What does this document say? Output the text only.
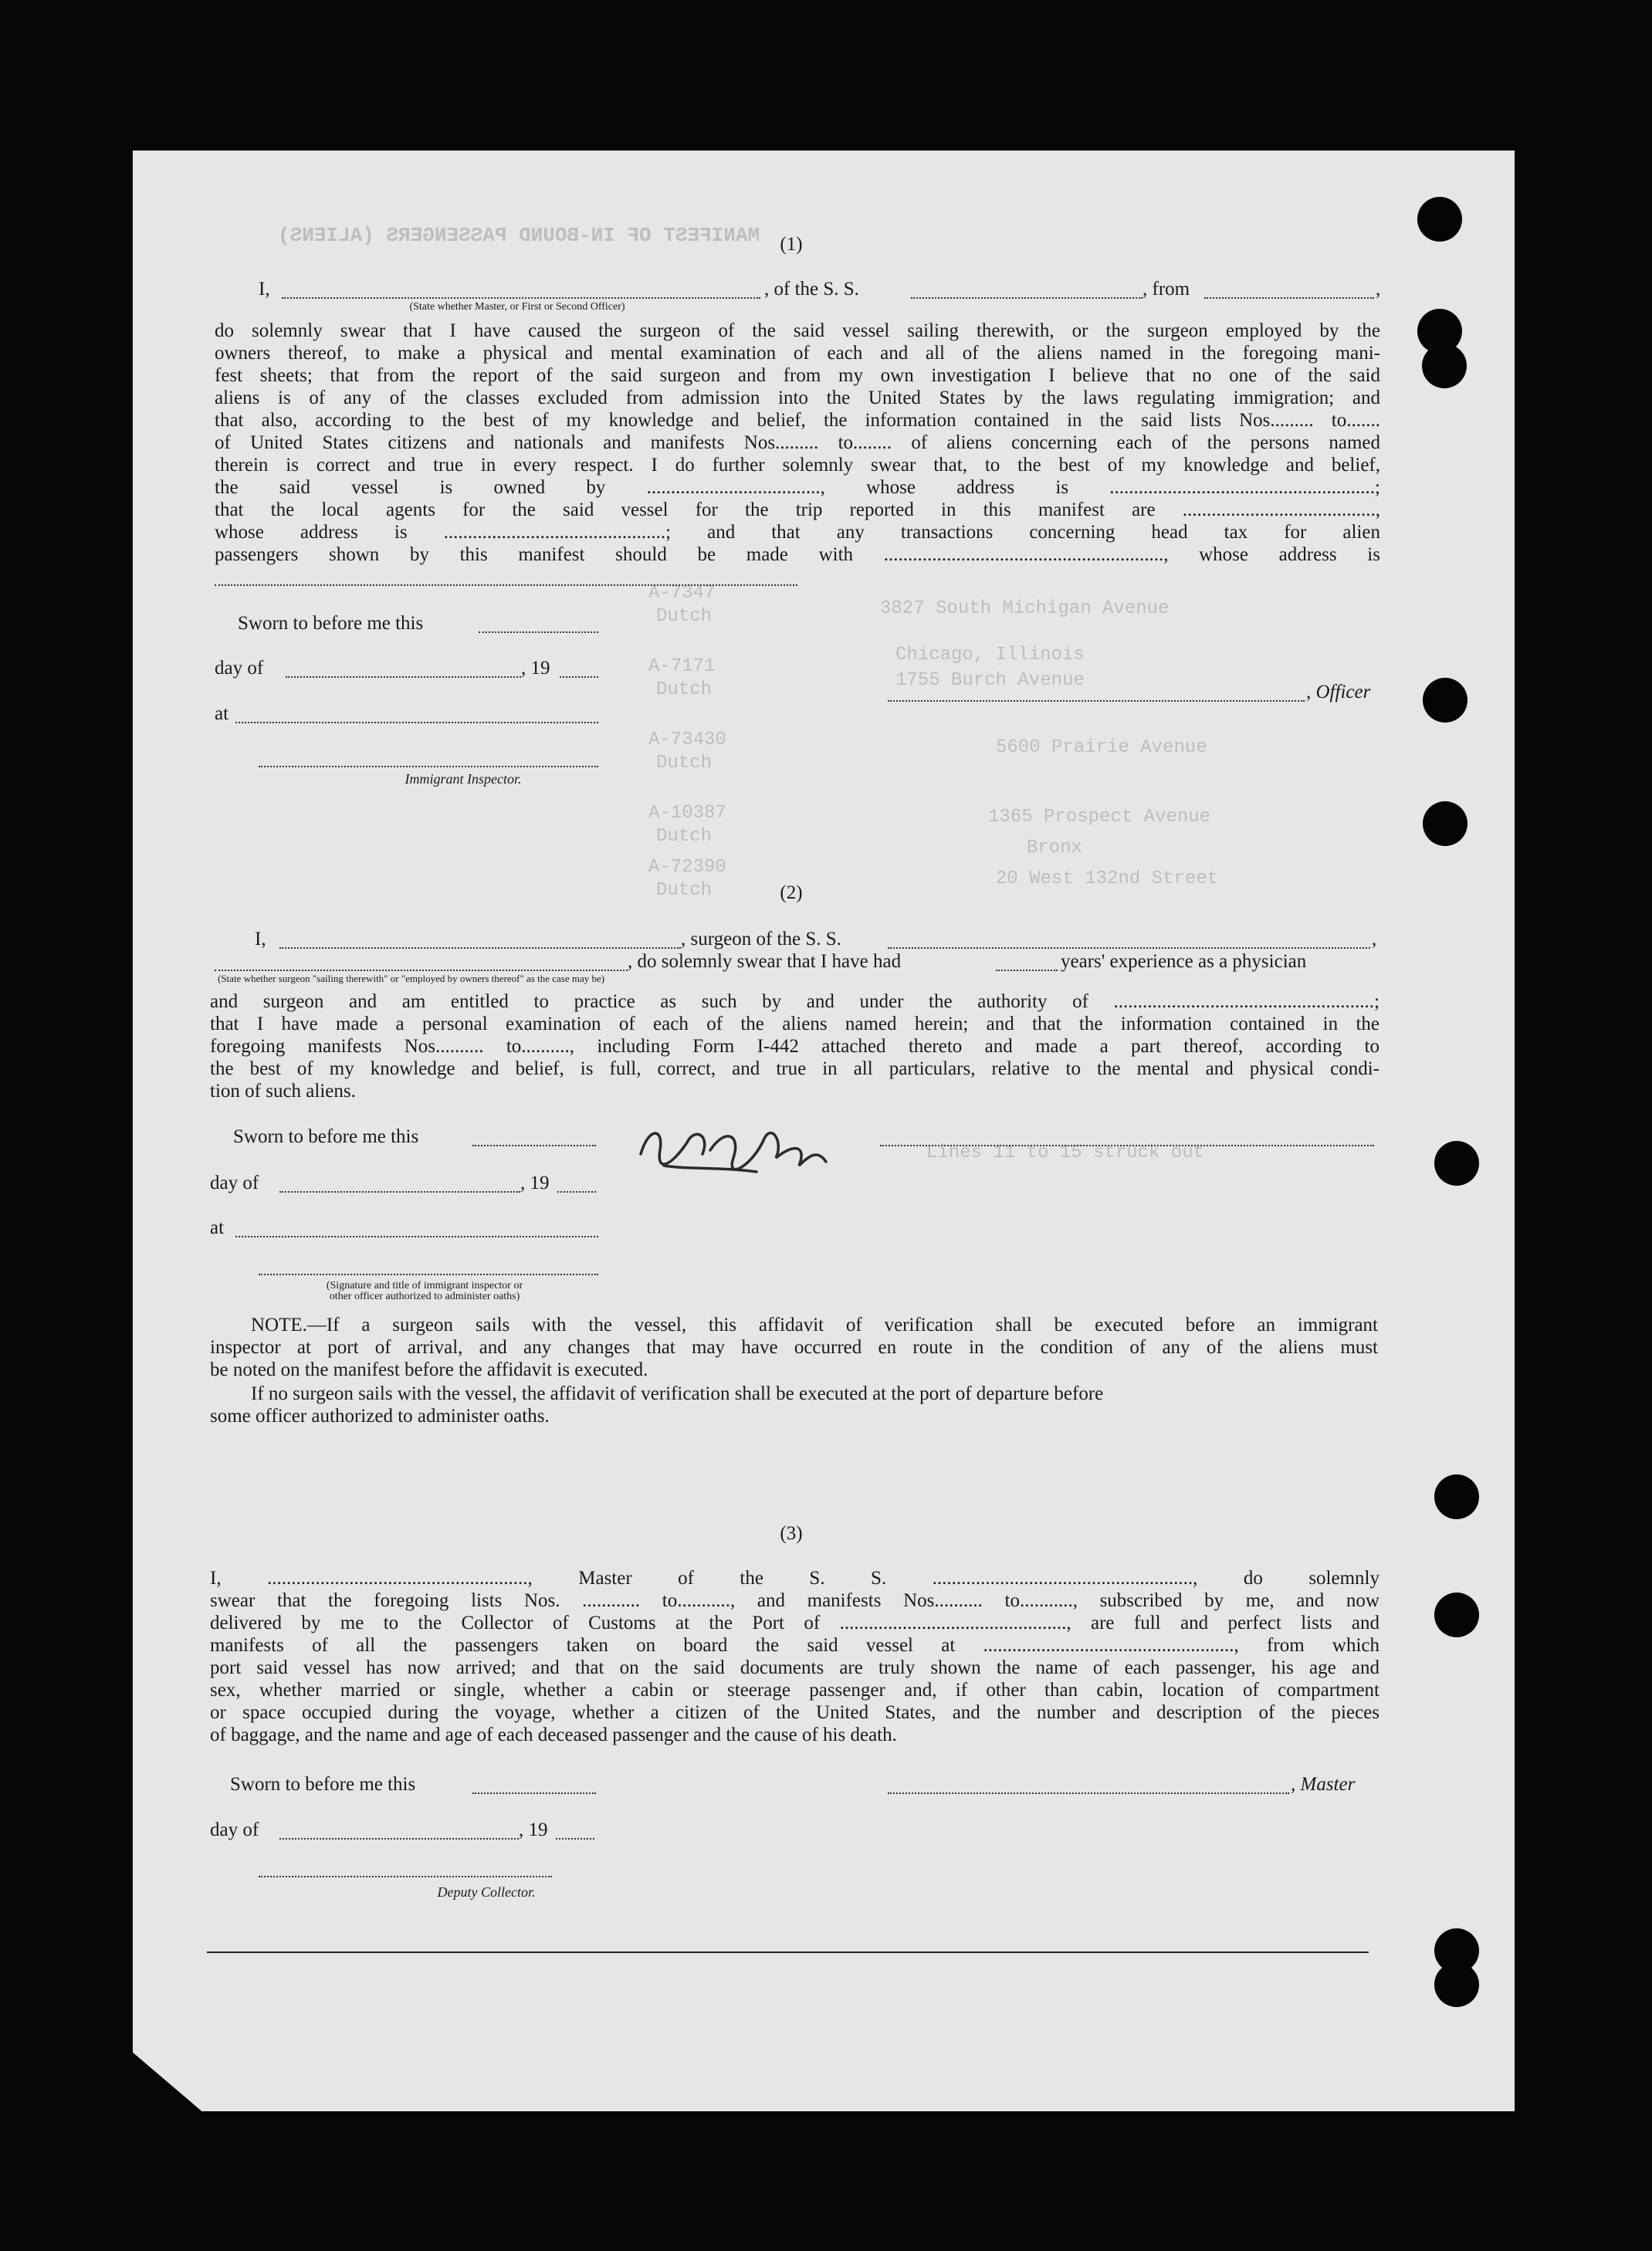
MANIFEST OF IN-BOUND PASSENGERS (ALIENS)
A-7347
Dutch
A-7171
Dutch
A-73430
Dutch
A-10387
Dutch
A-72390
Dutch
3827 South Michigan Avenue
Chicago, Illinois
1755 Burch Avenue
5600 Prairie Avenue
1365 Prospect Avenue
Bronx
20 West 132nd Street
Lines 11 to 15 struck out
(1)
I,	, of the S. S.	, from	,
(State whether Master, or First or Second Officer)
do solemnly swear that I have caused the surgeon of the said vessel sailing therewith, or the surgeon employed by the
owners thereof, to make a physical and mental examination of each and all of the aliens named in the foregoing mani-
fest sheets; that from the report of the said surgeon and from my own investigation I believe that no one of the said
aliens is of any of the classes excluded from admission into the United States by the laws regulating immigration; and
that also, according to the best of my knowledge and belief, the information contained in the said lists Nos......... to.......
of United States citizens and nationals and manifests Nos......... to........ of aliens concerning each of the persons named
therein is correct and true in every respect. I do further solemnly swear that, to the best of my knowledge and belief,
the said vessel is owned by ...................................., whose address is .......................................................;
that the local agents for the said vessel for the trip reported in this manifest are ........................................,
whose address is ..............................................; and that any transactions concerning head tax for alien
passengers shown by this manifest should be made with .........................................................., whose address is
Sworn to before me this
day of	, 19
at
, Officer
Immigrant Inspector.
(2)
I,	, surgeon of the S. S.	,
, do solemnly swear that I have had	years' experience as a physician
(State whether surgeon "sailing therewith" or "employed by owners thereof" as the case may be)
and surgeon and am entitled to practice as such by and under the authority of ......................................................;
that I have made a personal examination of each of the aliens named herein; and that the information contained in the
foregoing manifests Nos.......... to.........., including Form I-442 attached thereto and made a part thereof, according to
the best of my knowledge and belief, is full, correct, and true in all particulars, relative to the mental and physical condi-
tion of such aliens.
Sworn to before me this
day of	, 19
at
(Signature and title of immigrant inspector or
other officer authorized to administer oaths)
NOTE.—If a surgeon sails with the vessel, this affidavit of verification shall be executed before an immigrant
inspector at port of arrival, and any changes that may have occurred en route in the condition of any of the aliens must
be noted on the manifest before the affidavit is executed.
If no surgeon sails with the vessel, the affidavit of verification shall be executed at the port of departure before
some officer authorized to administer oaths.
(3)
I, ......................................................, Master of the S. S. ......................................................, do solemnly
swear that the foregoing lists Nos. ............ to..........., and manifests Nos.......... to..........., subscribed by me, and now
delivered by me to the Collector of Customs at the Port of ..............................................., are full and perfect lists and
manifests of all the passengers taken on board the said vessel at ...................................................., from which
port said vessel has now arrived; and that on the said documents are truly shown the name of each passenger, his age and
sex, whether married or single, whether a cabin or steerage passenger and, if other than cabin, location of compartment
or space occupied during the voyage, whether a citizen of the United States, and the number and description of the pieces
of baggage, and the name and age of each deceased passenger and the cause of his death.
Sworn to before me this	, Master
day of	, 19
Deputy Collector.
